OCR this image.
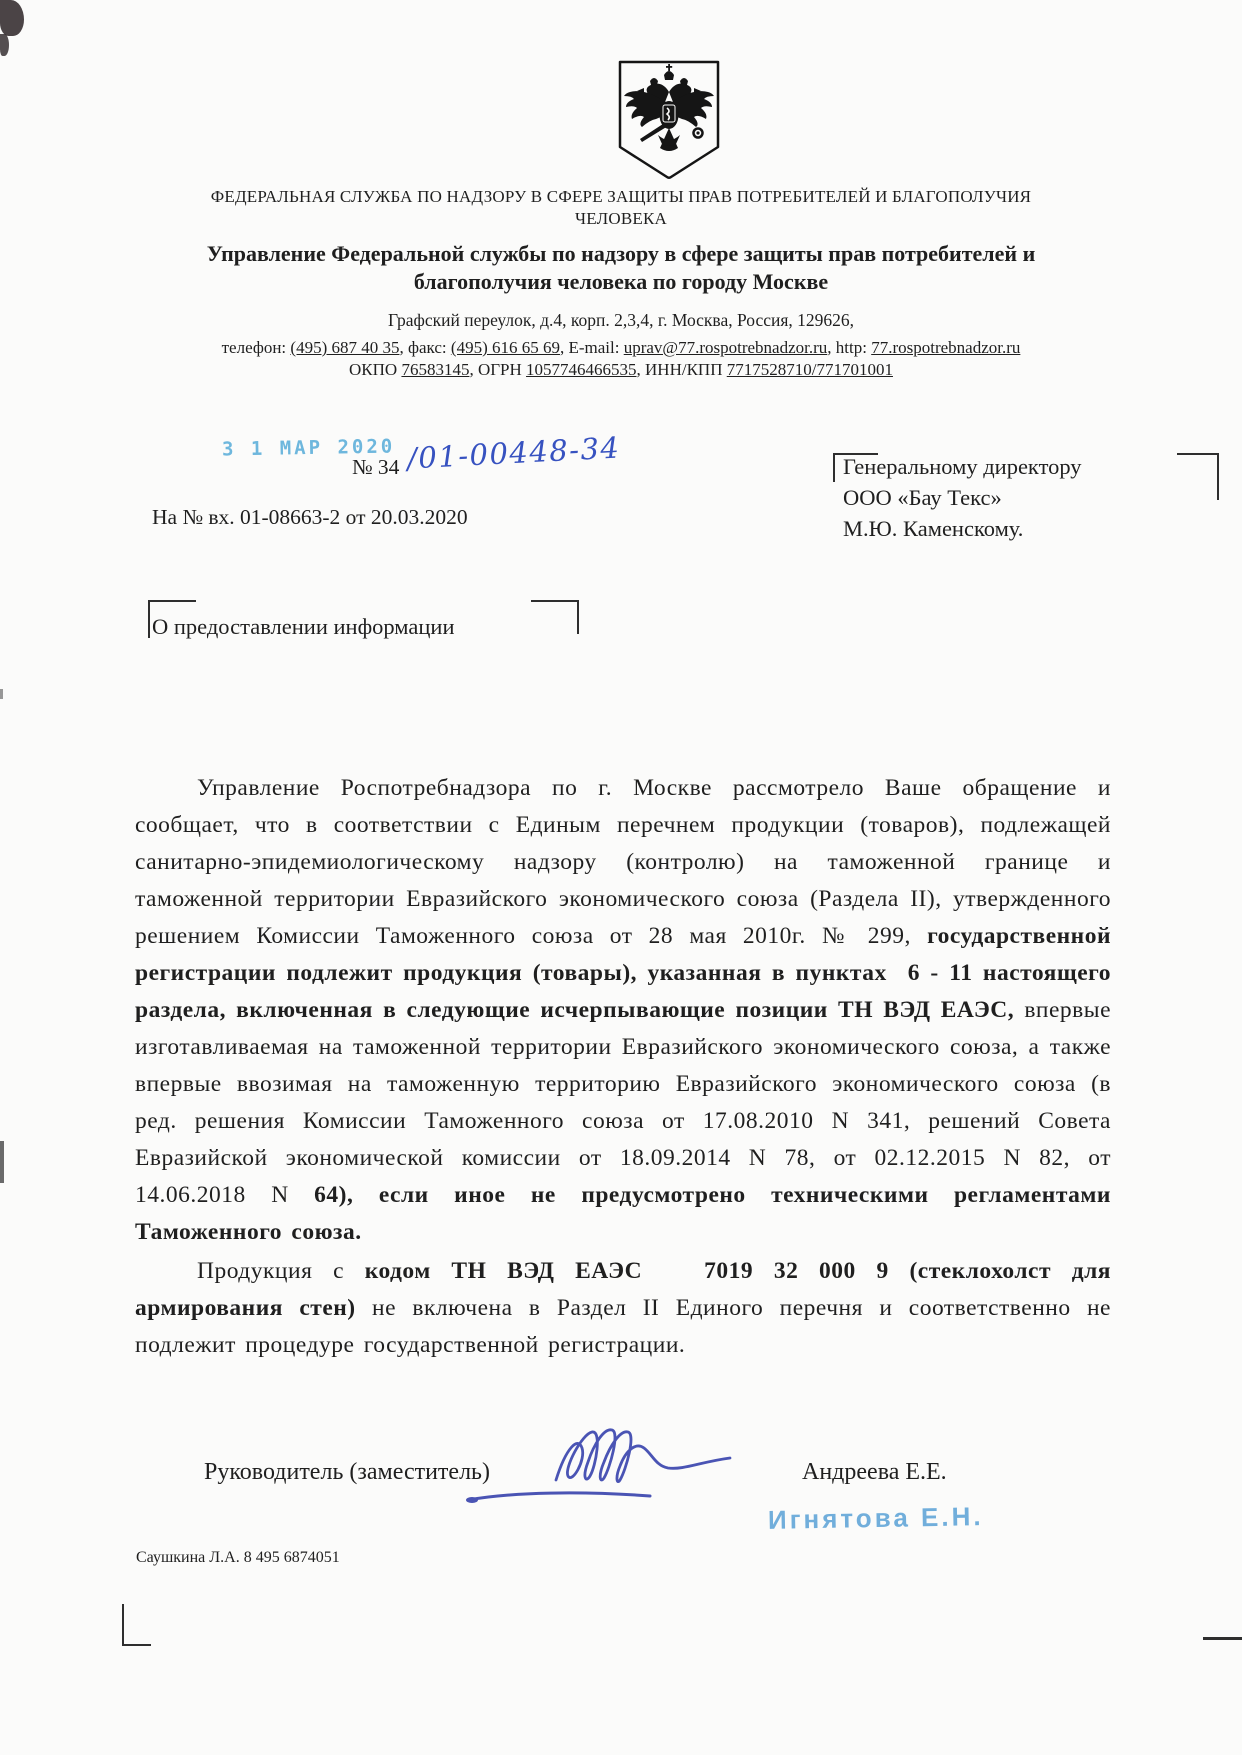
ФЕДЕРАЛЬНАЯ СЛУЖБА ПО НАДЗОРУ В СФЕРЕ ЗАЩИТЫ ПРАВ ПОТРЕБИТЕЛЕЙ И БЛАГОПОЛУЧИЯ
ЧЕЛОВЕКА
Управление Федеральной службы по надзору в сфере защиты прав потребителей и
благополучия человека по городу Москве
Графский переулок, д.4, корп. 2,3,4, г. Москва, Россия, 129626,
телефон: (495) 687 40 35, факс: (495) 616 65 69, E-mail: uprav@77.rospotrebnadzor.ru, http: 77.rospotrebnadzor.ru
ОКПО 76583145, ОГРН 1057746466535, ИНН/КПП 7717528710/771701001
3 1 МАР 2020
№ 34 /01-00448-34
На № вх. 01-08663-2 от 20.03.2020
Генеральному директору
ООО «Бау Текс»
М.Ю. Каменскому.
О предоставлении информации
Управление Роспотребнадзора по г. Москве рассмотрело Ваше обращение и сообщает, что в соответствии с Единым перечнем продукции (товаров), подлежащей санитарно-эпидемиологическому надзору (контролю) на таможенной границе и таможенной территории Евразийского экономического союза (Раздела II), утвержденного решением Комиссии Таможенного союза от 28 мая 2010г. № 299, государственной регистрации подлежит продукция (товары), указанная в пунктах  6 - 11 настоящего раздела, включенная в следующие исчерпывающие позиции ТН ВЭД ЕАЭС, впервые изготавливаемая на таможенной территории Евразийского экономического союза, а также впервые ввозимая на таможенную территорию Евразийского экономического союза (в ред. решения Комиссии Таможенного союза от 17.08.2010 N 341, решений Совета Евразийской экономической комиссии от 18.09.2014 N 78, от 02.12.2015 N 82, от 14.06.2018 N 64), если иное не предусмотрено техническими регламентами Таможенного союза.
Продукция с кодом ТН ВЭД ЕАЭС   7019 32 000 9 (стеклохолст для армирования стен) не включена в Раздел II Единого перечня и соответственно не подлежит процедуре государственной регистрации.
Руководитель (заместитель)	Андреева Е.Е.
Игнятова Е.Н.
Саушкина Л.А. 8 495 6874051
